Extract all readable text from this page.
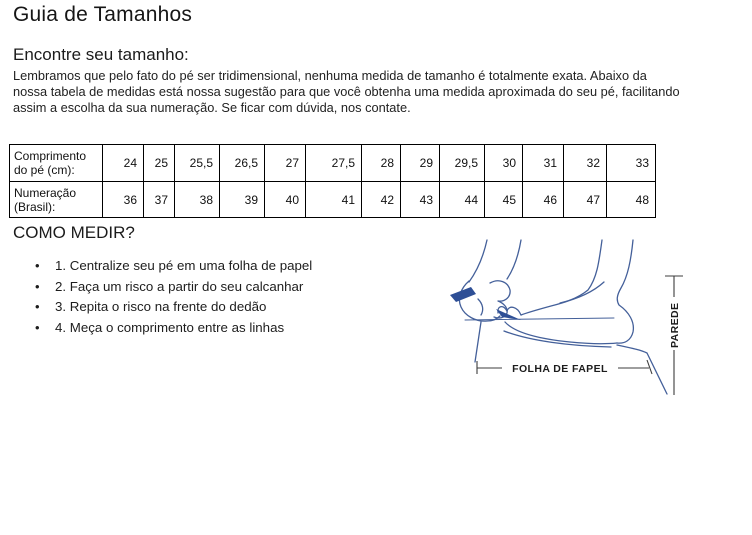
Guia de Tamanhos
Encontre seu tamanho:
Lembramos que pelo fato do pé ser tridimensional, nenhuma medida de tamanho é totalmente exata. Abaixo da
nossa tabela de medidas está nossa sugestão para que você obtenha uma medida aproximada do seu pé, facilitando
assim a escolha da sua numeração. Se ficar com dúvida, nos contate.
Comprimento do pé (cm):	24	25	25,5	26,5	27	27,5	28	29	29,5	30	31	32	33
Numeração (Brasil):	36	37	38	39	40	41	42	43	44	45	46	47	48
COMO MEDIR?
• 1. Centralize seu pé em uma folha de papel
• 2. Faça um risco a partir do seu calcanhar
• 3. Repita o risco na frente do dedão
• 4. Meça o comprimento entre as linhas
FOLHA DE FAPEL
PAREDE
